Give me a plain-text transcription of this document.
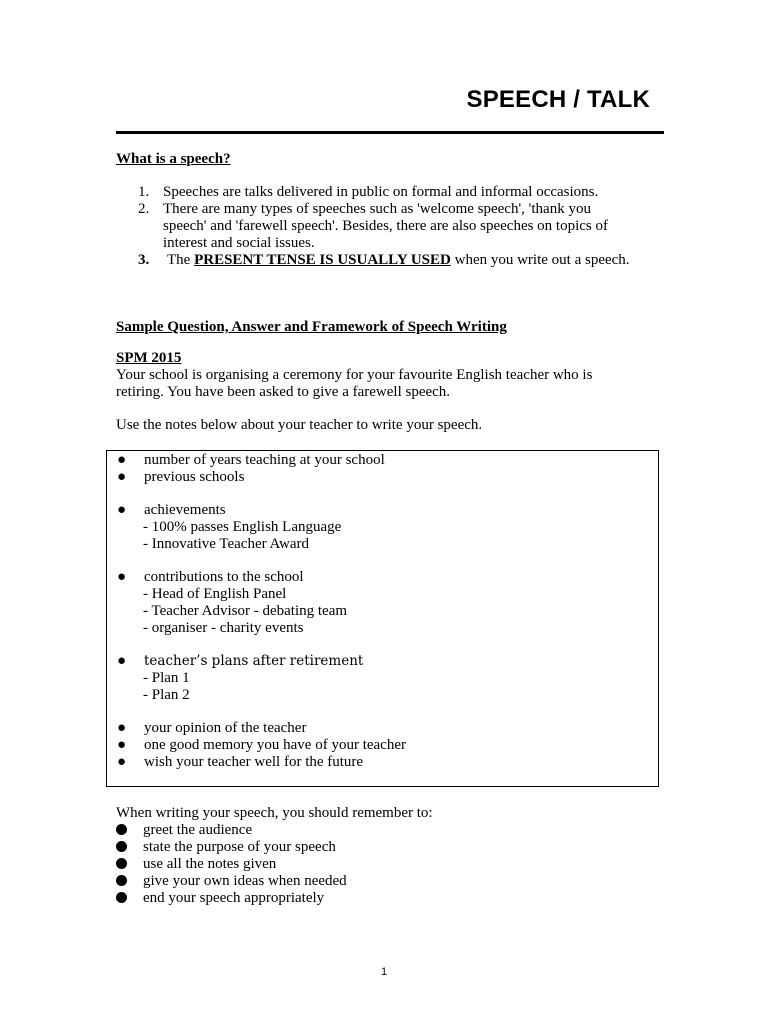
SPEECH / TALK
What is a speech?
1. Speeches are talks delivered in public on formal and informal occasions.
2. There are many types of speeches such as 'welcome speech', 'thank you
speech' and 'farewell speech'. Besides, there are also speeches on topics of
interest and social issues.
3. The PRESENT TENSE IS USUALLY USED when you write out a speech.
Sample Question, Answer and Framework of Speech Writing
SPM 2015
Your school is organising a ceremony for your favourite English teacher who is
retiring. You have been asked to give a farewell speech.
Use the notes below about your teacher to write your speech.
● number of years teaching at your school
● previous schools
● achievements
- 100% passes English Language
- Innovative Teacher Award
● contributions to the school
- Head of English Panel
- Teacher Advisor - debating team
- organiser - charity events
● teacher’s plans after retirement
- Plan 1
- Plan 2
● your opinion of the teacher
● one good memory you have of your teacher
● wish your teacher well for the future
When writing your speech, you should remember to:
greet the audience
state the purpose of your speech
use all the notes given
give your own ideas when needed
end your speech appropriately
1
